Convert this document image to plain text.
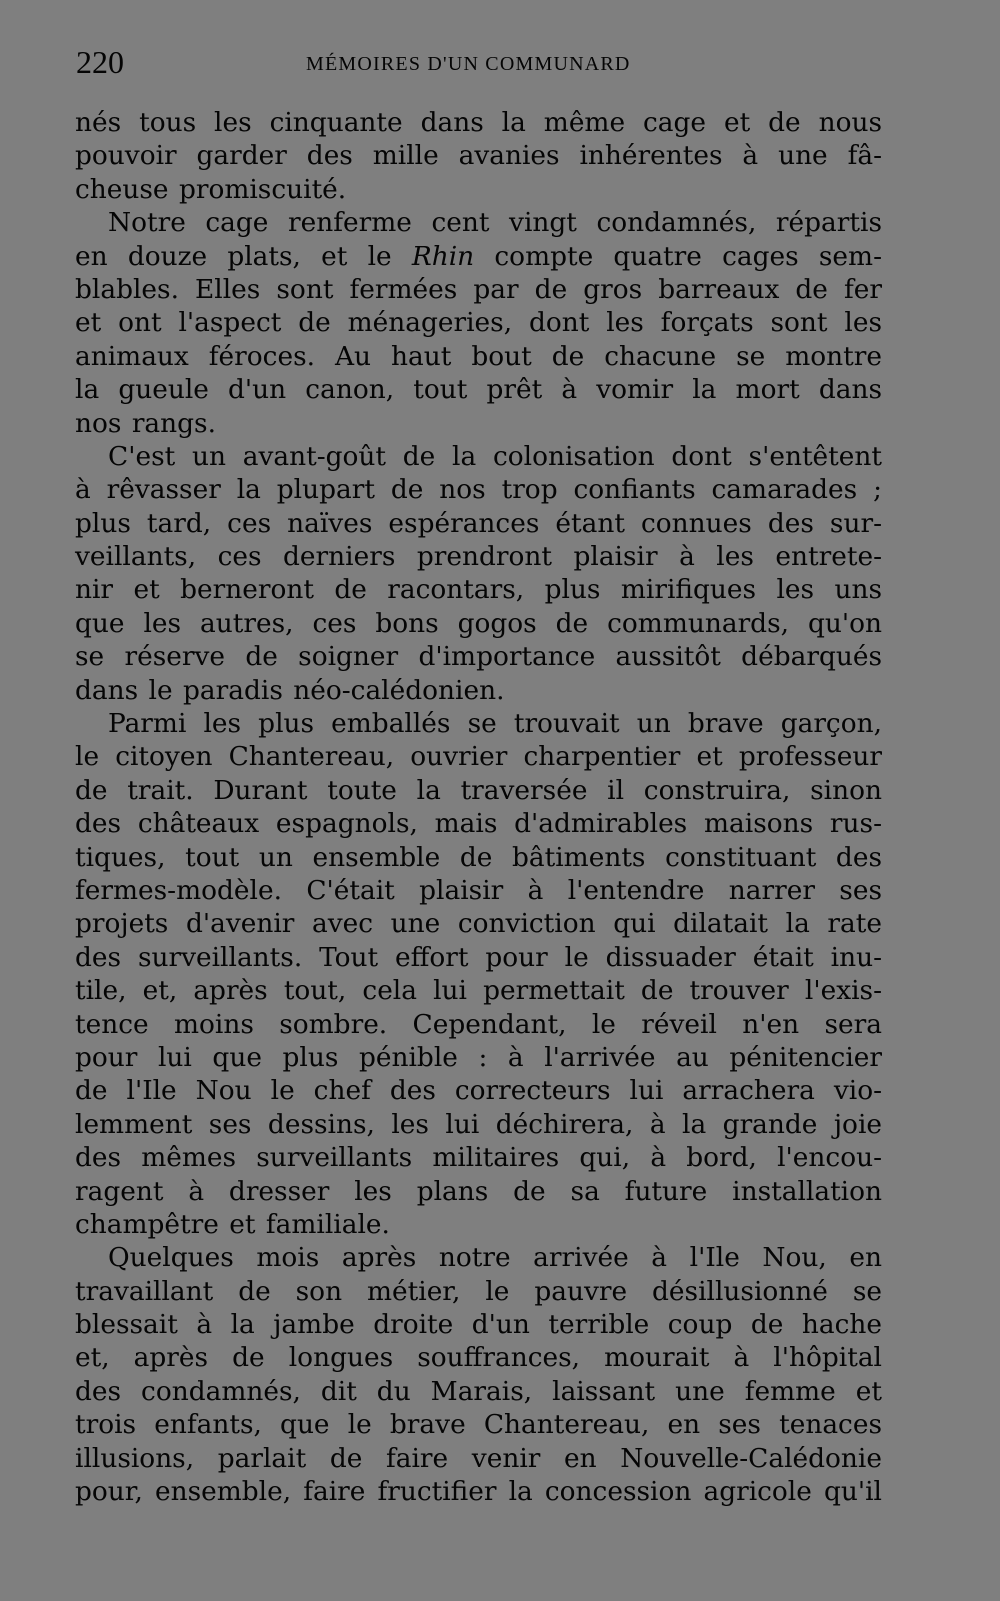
220	MÉMOIRES D'UN COMMUNARD
nés tous les cinquante dans la même cage et de nous
pouvoir garder des mille avanies inhérentes à une fâ-
cheuse promiscuité.
Notre cage renferme cent vingt condamnés, répartis
en douze plats, et le Rhin compte quatre cages sem-
blables. Elles sont fermées par de gros barreaux de fer
et ont l'aspect de ménageries, dont les forçats sont les
animaux féroces. Au haut bout de chacune se montre
la gueule d'un canon, tout prêt à vomir la mort dans
nos rangs.
C'est un avant-goût de la colonisation dont s'entêtent
à rêvasser la plupart de nos trop confiants camarades ;
plus tard, ces naïves espérances étant connues des sur-
veillants, ces derniers prendront plaisir à les entrete-
nir et berneront de racontars, plus mirifiques les uns
que les autres, ces bons gogos de communards, qu'on
se réserve de soigner d'importance aussitôt débarqués
dans le paradis néo-calédonien.
Parmi les plus emballés se trouvait un brave garçon,
le citoyen Chantereau, ouvrier charpentier et professeur
de trait. Durant toute la traversée il construira, sinon
des châteaux espagnols, mais d'admirables maisons rus-
tiques, tout un ensemble de bâtiments constituant des
fermes-modèle. C'était plaisir à l'entendre narrer ses
projets d'avenir avec une conviction qui dilatait la rate
des surveillants. Tout effort pour le dissuader était inu-
tile, et, après tout, cela lui permettait de trouver l'exis-
tence moins sombre. Cependant, le réveil n'en sera
pour lui que plus pénible : à l'arrivée au pénitencier
de l'Ile Nou le chef des correcteurs lui arrachera vio-
lemment ses dessins, les lui déchirera, à la grande joie
des mêmes surveillants militaires qui, à bord, l'encou-
ragent à dresser les plans de sa future installation
champêtre et familiale.
Quelques mois après notre arrivée à l'Ile Nou, en
travaillant de son métier, le pauvre désillusionné se
blessait à la jambe droite d'un terrible coup de hache
et, après de longues souffrances, mourait à l'hôpital
des condamnés, dit du Marais, laissant une femme et
trois enfants, que le brave Chantereau, en ses tenaces
illusions, parlait de faire venir en Nouvelle-Calédonie
pour, ensemble, faire fructifier la concession agricole qu'il
